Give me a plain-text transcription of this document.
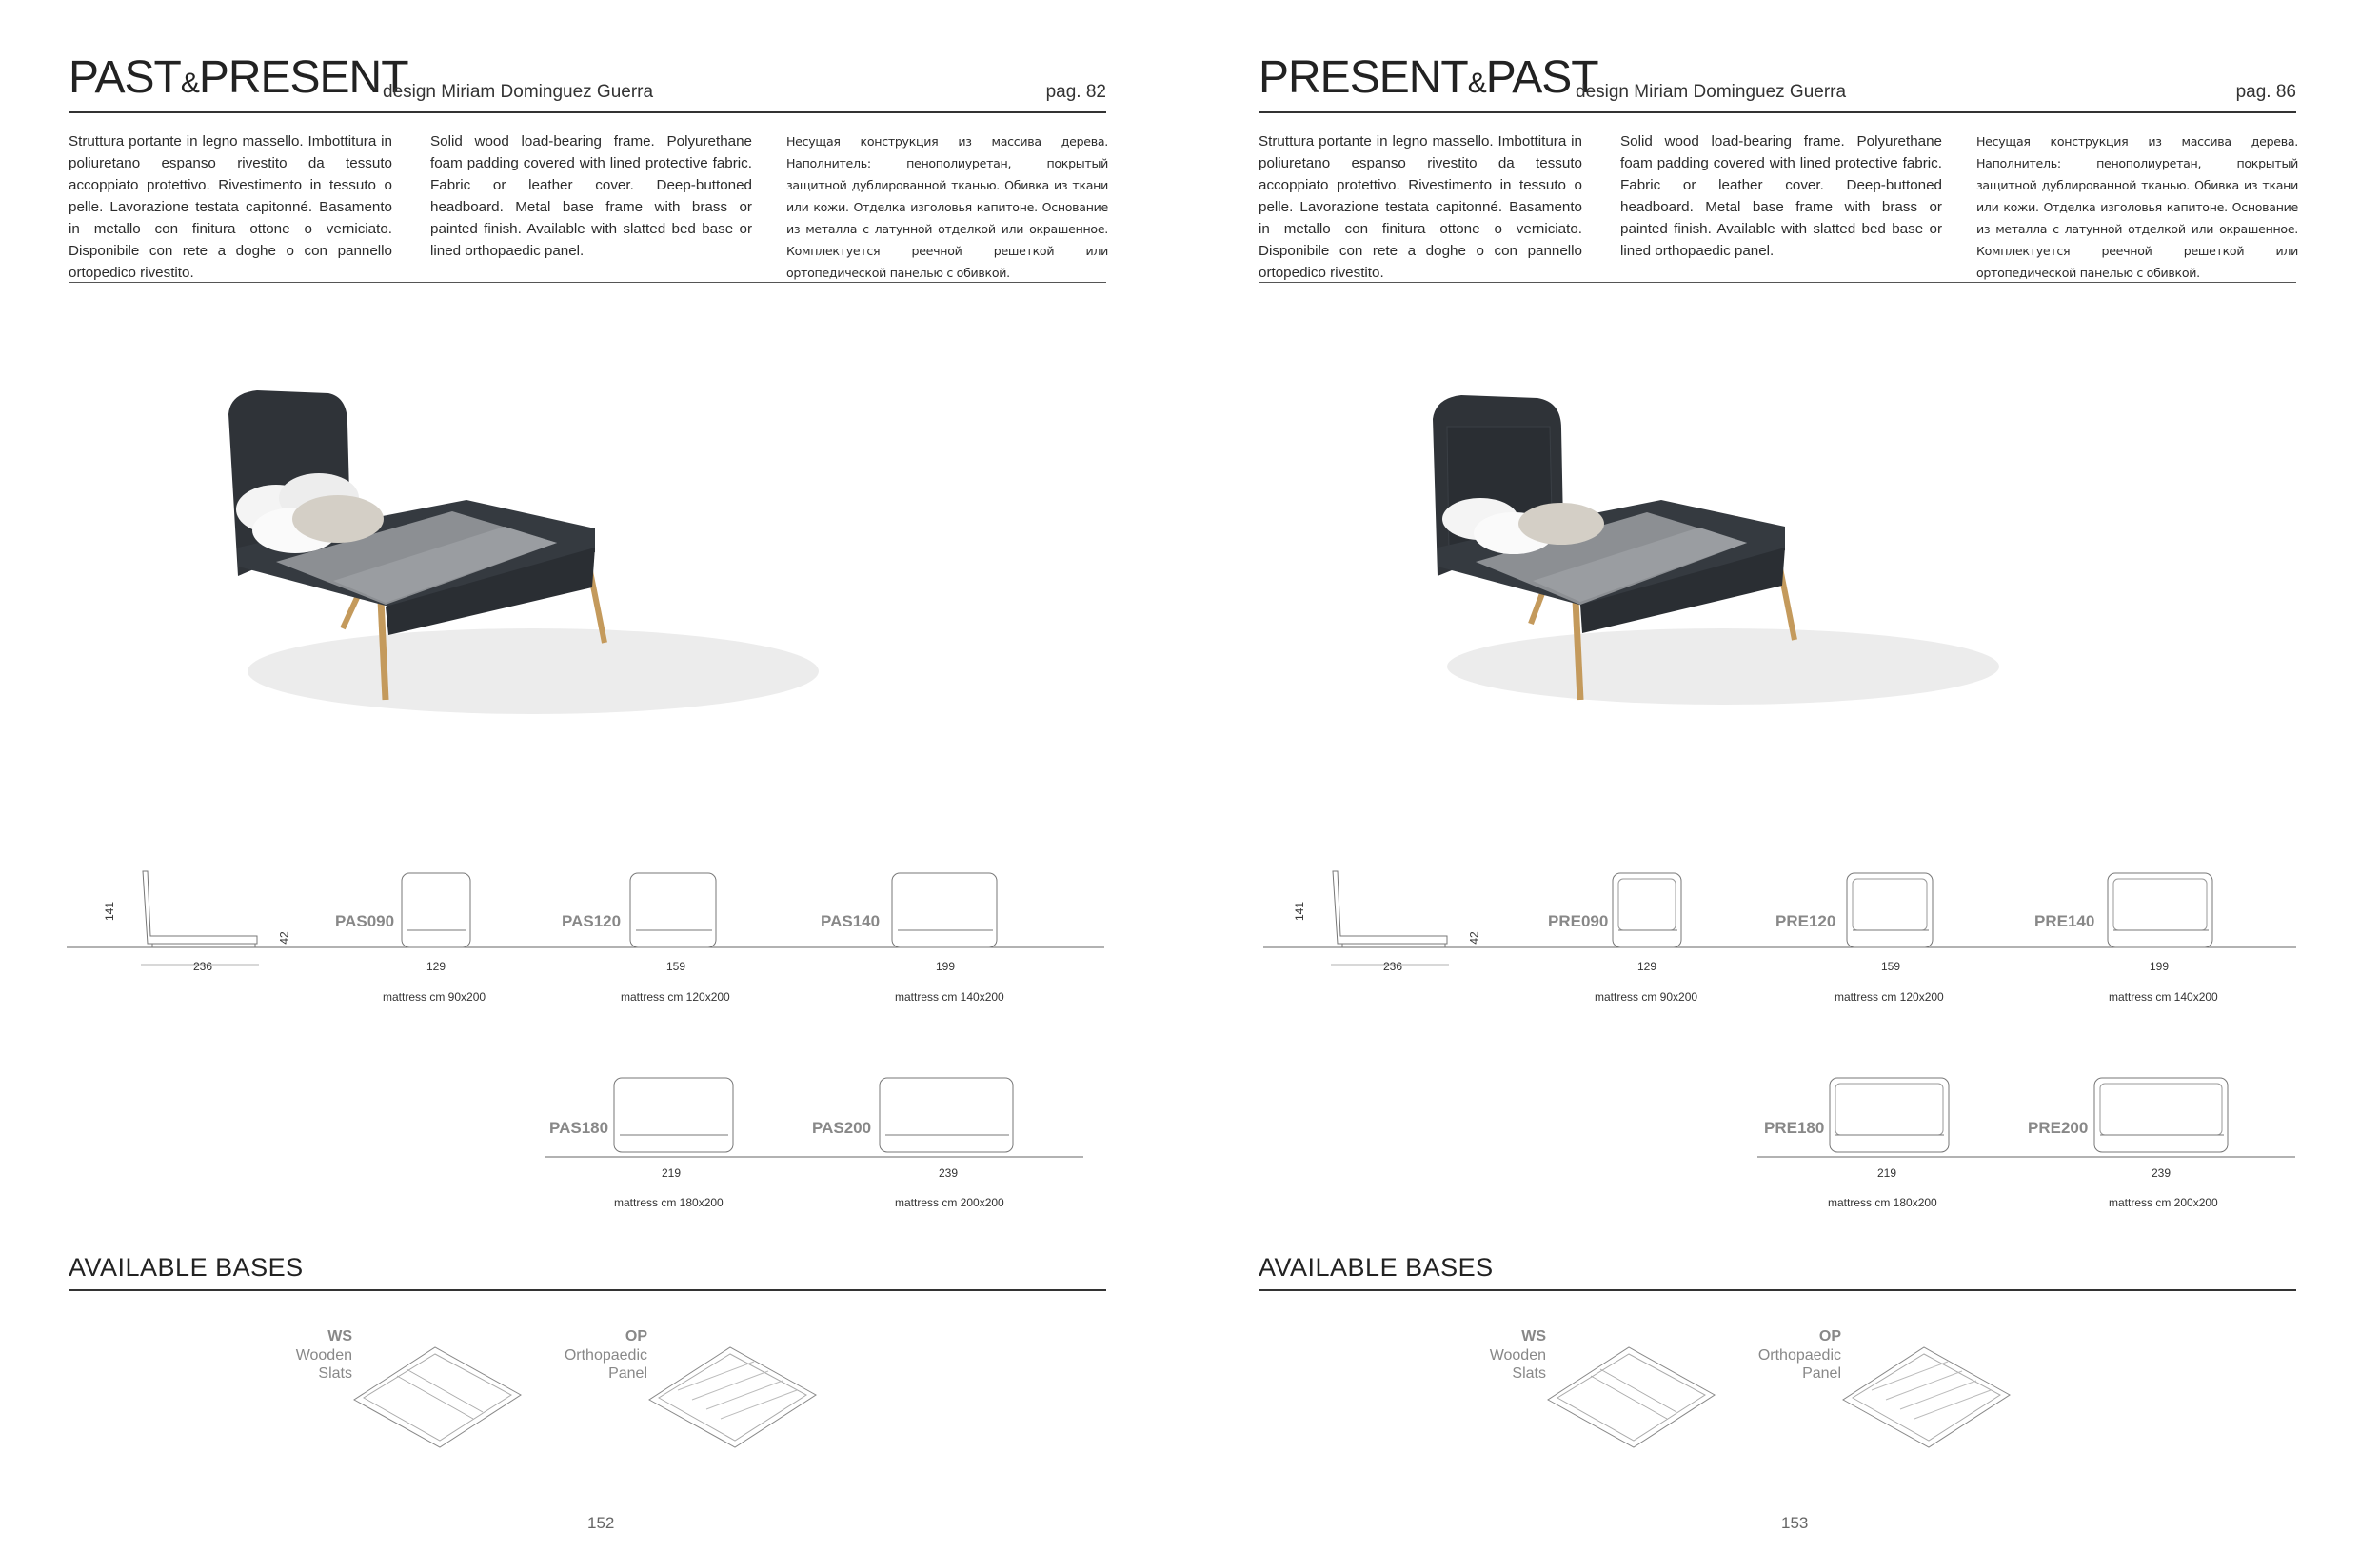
PAST&PRESENT
design Miriam Dominguez Guerra	pag. 82
Struttura portante in legno massello. Imbottitura in poliuretano espanso rivestito da tessuto accoppiato protettivo. Rivestimento in tessuto o pelle. Lavorazione testata capitonné. Basamento in metallo con finitura ottone o verniciato. Disponibile con rete a doghe o con pannello ortopedico rivestito.
Solid wood load-bearing frame. Polyurethane foam padding covered with lined protective fabric. Fabric or leather cover. Deep-buttoned headboard. Metal base frame with brass or painted finish. Available with slatted bed base or lined orthopaedic panel.
Несущая конструкция из массива дерева. Наполнитель: пенополиуретан, покрытый защитной дублированной тканью. Обивка из ткани или кожи. Отделка изголовья капитоне. Основание из металла с латунной отделкой или окрашенное. Комплектуется реечной решеткой или ортопедической панелью с обивкой.
141
42
236
PAS090
129
mattress cm 90x200
PAS120
159
mattress cm 120x200
PAS140
199
mattress cm 140x200
PAS180
219
mattress cm 180x200
PAS200
239
mattress cm 200x200
AVAILABLE BASES
WS
Wooden
Slats
OP
Orthopaedic
Panel
152
PRESENT&PAST
design Miriam Dominguez Guerra	pag. 86
Struttura portante in legno massello. Imbottitura in poliuretano espanso rivestito da tessuto accoppiato protettivo. Rivestimento in tessuto o pelle. Lavorazione testata capitonné. Basamento in metallo con finitura ottone o verniciato. Disponibile con rete a doghe o con pannello ortopedico rivestito.
Solid wood load-bearing frame. Polyurethane foam padding covered with lined protective fabric. Fabric or leather cover. Deep-buttoned headboard. Metal base frame with brass or painted finish. Available with slatted bed base or lined orthopaedic panel.
Несущая конструкция из массива дерева. Наполнитель: пенополиуретан, покрытый защитной дублированной тканью. Обивка из ткани или кожи. Отделка изголовья капитоне. Основание из металла с латунной отделкой или окрашенное. Комплектуется реечной решеткой или ортопедической панелью с обивкой.
141
42
236
PRE090
129
mattress cm 90x200
PRE120
159
mattress cm 120x200
PRE140
199
mattress cm 140x200
PRE180
219
mattress cm 180x200
PRE200
239
mattress cm 200x200
AVAILABLE BASES
WS
Wooden
Slats
OP
Orthopaedic
Panel
153
